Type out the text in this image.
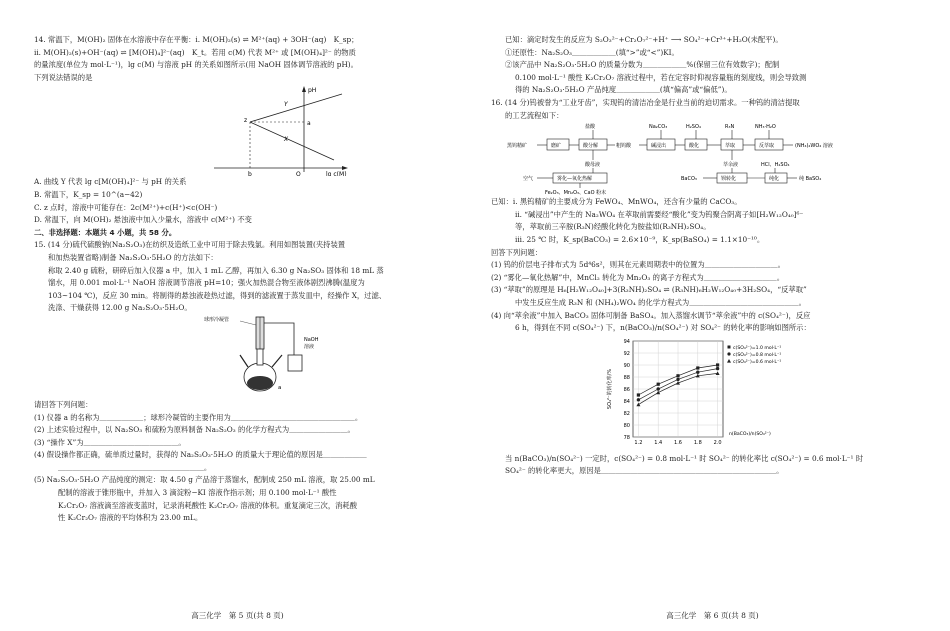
14. 常温下，M(OH)₂ 固体在水溶液中存在平衡：i. M(OH)₂(s) ⇌ M²⁺(aq) + 3OH⁻(aq)　K_sp；

ii. M(OH)₂(s)+OH⁻(aq) ⇌ [M(OH)₄]²⁻(aq)　K_t。若用 c(M) 代表 M²⁺ 或 [M(OH)₄]²⁻ 的物质

的量浓度(单位为 mol·L⁻¹)，lg c(M) 与溶液 pH 的关系如图所示(用 NaOH 固体调节溶液的 pH)。

下列说法错误的是

pH
lg c(M)
Y
X
z	a
b	O

A. 曲线 Y 代表 lg c[M(OH)₄]²⁻ 与 pH 的关系

B. 常温下，K_sp = 10^(a−42)

C. z 点时，溶液中可能存在：2c(M²⁺)+c(H⁺)<c(OH⁻)

D. 常温下，向 M(OH)₂ 悬浊液中加入少量水，溶液中 c(M²⁺) 不变

二、非选择题：本题共 4 小题，共 58 分。

15. (14 分)硫代硫酸钠(Na₂S₂O₃)在纺织及造纸工业中可用于除去残氯。利用如图装置(夹持装置

和加热装置省略)制备 Na₂S₂O₃·5H₂O 的方法如下：

称取 2.40 g 硫粉，研碎后加入仪器 a 中，加入 1 mL 乙醇，再加入 6.30 g Na₂SO₃ 固体和 18 mL 蒸

馏水，用 0.001 mol·L⁻¹ NaOH 溶液调节溶液 pH=10；强火加热混合物至液体剧烈沸腾(温度为

103~104 ℃)，反应 30 min。将制得的悬浊液趁热过滤，得到的滤液置于蒸发皿中，经操作 X，过滤、

洗涤、干燥获得 12.00 g Na₂S₂O₃·5H₂O。

球形冷凝管
NaOH
溶液
a

请回答下列问题：

(1) 仪器 a 的名称为＿＿＿＿＿＿；球形冷凝管的主要作用为＿＿＿＿＿＿＿＿＿＿＿＿＿＿＿＿＿。

(2) 上述实验过程中，以 Na₂SO₃ 和硫粉为原料制备 Na₂S₂O₃ 的化学方程式为＿＿＿＿＿＿＿＿。

(3) “操作 X”为＿＿＿＿＿＿＿＿＿＿＿＿＿。

(4) 假设操作都正确，硫单质过量时，获得的 Na₂S₂O₃·5H₂O 的质量大于理论值的原因是＿＿＿＿＿＿

＿＿＿＿＿＿＿＿＿＿＿＿＿＿＿＿＿＿＿＿。

(5) Na₂S₂O₃·5H₂O 产品纯度的测定：取 4.50 g 产品溶于蒸馏水，配制成 250 mL 溶液，取 25.00 mL

配制的溶液于锥形瓶中，并加入 3 滴淀粉−KI 溶液作指示剂；用 0.100 mol·L⁻¹ 酸性

K₂Cr₂O₇ 溶液滴至溶液变蓝时，记录消耗酸性 K₂Cr₂O₇ 溶液的体积。重复滴定三次，消耗酸

性 K₂Cr₂O₇ 溶液的平均体积为 23.00 mL。

高三化学　第 5 页(共 8 页)

已知：滴定时发生的反应为 S₂O₃²⁻+Cr₂O₇²⁻+H⁺ ⟶ SO₄²⁻+Cr³⁺+H₂O(未配平)。

①还原性：Na₂S₂O₃＿＿＿＿＿＿(填“>”或“<”)KI。

②该产品中 Na₂S₂O₃·5H₂O 的质量分数为＿＿＿＿＿＿%(保留三位有效数字)；配制

0.100 mol·L⁻¹ 酸性 K₂Cr₂O₇ 溶液过程中，若在定容时仰视容量瓶的刻度线，则会导致测

得的 Na₂S₂O₃·5H₂O 产品纯度＿＿＿＿＿＿(填“偏高”或“偏低”)。

16. (14 分)钨被誉为“工业牙齿”，实现钨的清洁冶金是行业当前的迫切需求。一种钨的清洁提取

的工艺流程如下：

黑钨精矿	磨矿	酸分解
盐酸
粗钨酸	碱浸出
Na₂CO₃
酸化
H₂SO₄
萃取
R₃N
反萃取
NH₃·H₂O
(NH₄)₂WO₄ 溶液
酸母液
空气	雾化—氧化热解
Fe₂O₃、Mn₂O₃、CaO 粉末
萃余液
BaCO₃	钡转化
HCl、H₂SO₄
纯化	纯 BaSO₄

已知：i. 黑钨精矿的主要成分为 FeWO₄、MnWO₄，还含有少量的 CaCO₃。

ii. “碱浸出”中产生的 Na₂WO₄ 在萃取前需要经“酸化”变为钨聚合阴离子如[H₂W₁₂O₄₀]⁶⁻

等，萃取前三辛胺(R₃N)经酸化转化为胺盐如(R₃NH)₂SO₄。

iii. 25 ℃ 时，K_sp(BaCO₃) = 2.6×10⁻⁹，K_sp(BaSO₄) = 1.1×10⁻¹⁰。

回答下列问题：

(1) 钨的价层电子排布式为 5d⁴6s²，则其在元素周期表中的位置为＿＿＿＿＿＿＿＿＿＿。

(2) “雾化—氧化热解”中，MnCl₂ 转化为 Mn₂O₃ 的离子方程式为＿＿＿＿＿＿＿＿＿＿。

(3) “萃取”的原理是 H₆[H₂W₁₂O₄₀]+3(R₃NH)₂SO₄ ⇌ (R₃NH)₆H₂W₁₂O₄₀+3H₂SO₄，“反萃取”

中发生反应生成 R₃N 和 (NH₄)₂WO₄ 的化学方程式为＿＿＿＿＿＿＿＿＿＿＿＿＿＿＿。

(4) 向“萃余液”中加入 BaCO₃ 固体可制备 BaSO₄。加入蒸馏水调节“萃余液”中的 c(SO₄²⁻)，反应

6 h，得到在不同 c(SO₄²⁻) 下，n(BaCO₃)/n(SO₄²⁻) 对 SO₄²⁻ 的转化率的影响如图所示：

78
80
82
84
86
88
90
92
94
1.2 1.4 1.6 1.8 2.0
SO₄²⁻的转化率/%
n(BaCO₃)/n(SO₄²⁻)
c(SO₄²⁻)=1.0 mol·L⁻¹
c(SO₄²⁻)=0.8 mol·L⁻¹
c(SO₄²⁻)=0.6 mol·L⁻¹

当 n(BaCO₃)/n(SO₄²⁻) 一定时，c(SO₄²⁻) = 0.8 mol·L⁻¹ 时 SO₄²⁻ 的转化率比 c(SO₄²⁻) = 0.6 mol·L⁻¹ 时

SO₄²⁻ 的转化率更大，原因是＿＿＿＿＿＿＿＿＿＿＿＿＿＿＿＿＿＿＿＿＿＿＿＿。

高三化学　第 6 页(共 8 页)
